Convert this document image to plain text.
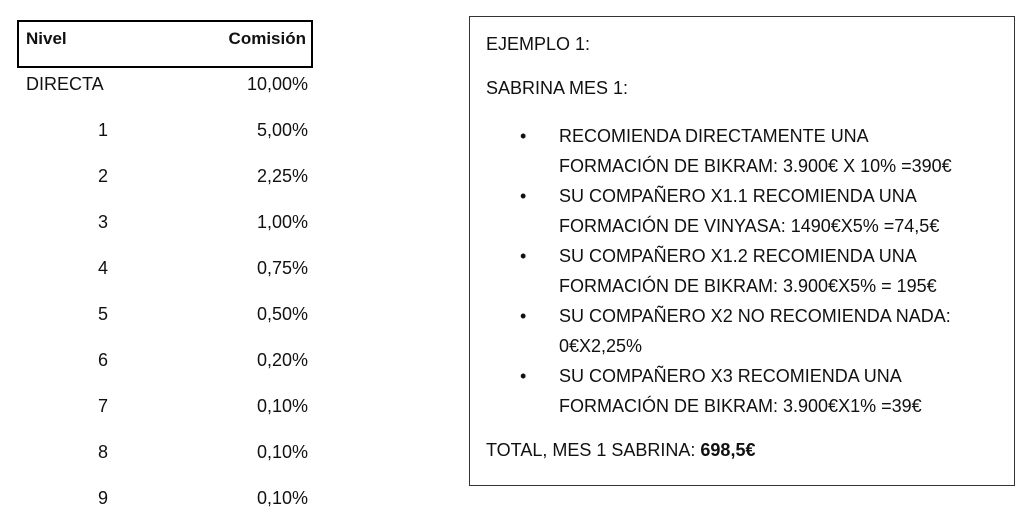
Nivel	Comisión
DIRECTA	10,00%
1	5,00%
2	2,25%
3	1,00%
4	0,75%
5	0,50%
6	0,20%
7	0,10%
8	0,10%
9	0,10%
EJEMPLO 1:
SABRINA MES 1:
• RECOMIENDA DIRECTAMENTE UNA
FORMACIÓN DE BIKRAM: 3.900€ X 10% =390€
• SU COMPAÑERO X1.1 RECOMIENDA UNA
FORMACIÓN DE VINYASA: 1490€X5% =74,5€
• SU COMPAÑERO X1.2 RECOMIENDA UNA
FORMACIÓN DE BIKRAM: 3.900€X5% = 195€
• SU COMPAÑERO X2 NO RECOMIENDA NADA:
0€X2,25%
• SU COMPAÑERO X3 RECOMIENDA UNA
FORMACIÓN DE BIKRAM: 3.900€X1% =39€
TOTAL, MES 1 SABRINA: 698,5€
